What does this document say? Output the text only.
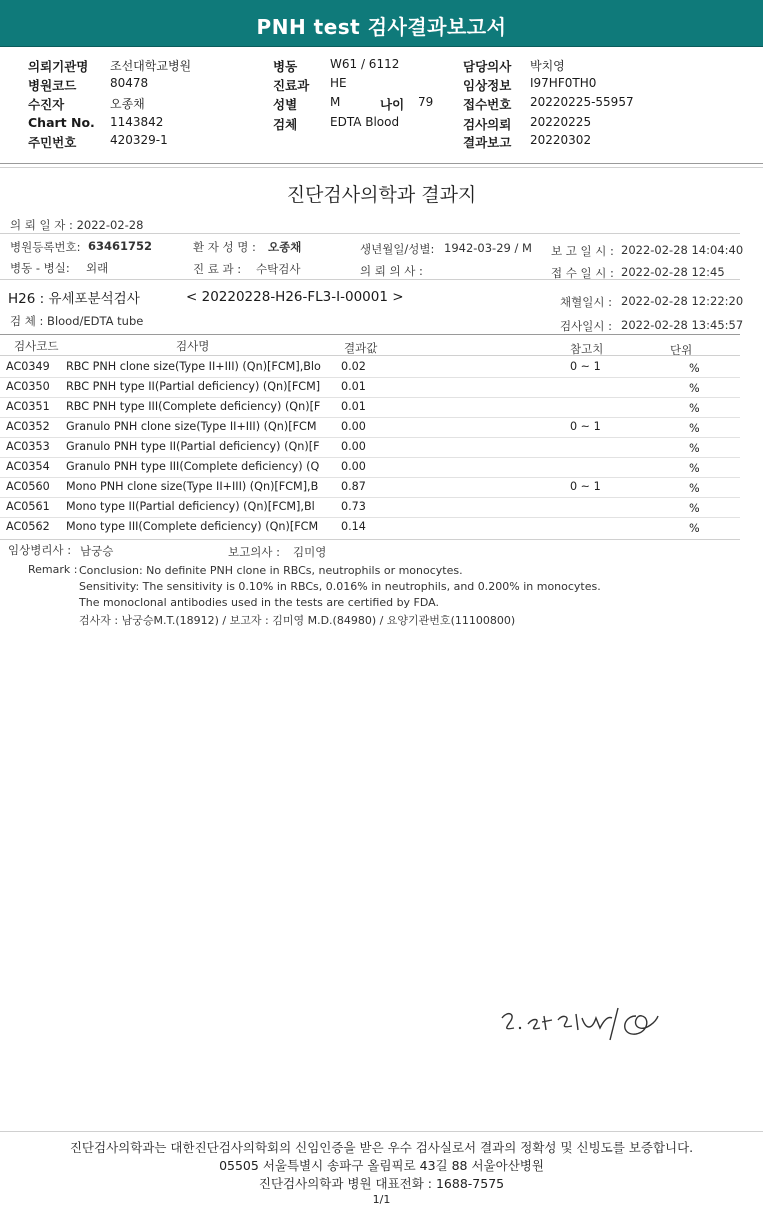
PNH test 검사결과보고서
의뢰기관명 조선대학교병원
병원코드	80478
수진자	오종채
Chart No. 1143842
주민번호	420329-1
병동	W61 / 6112
진료과 HE
성별	M	나이 79
검체	EDTA Blood
담당의사 박치영
임상정보 I97HF0TH0
접수번호 20220225-55957
검사의뢰 20220225
결과보고 20220302
진단검사의학과 결과지
의 뢰 일 자 : 2022-02-28
병원등록번호: 63461752	환 자 성 명 : 오종채	생년월일/성별: 1942-03-29 / M 보 고 일 시 : 2022-02-28 14:04:40
병동 - 병실: 외래	진 료 과 : 수탁검사	의 뢰 의 사 :	접 수 일 시 : 2022-02-28 12:45
H26 : 유세포분석검사	< 20220228-H26-FL3-I-00001 >	채혈일시 : 2022-02-28 12:22:20
검 체 : Blood/EDTA tube	검사일시 : 2022-02-28 13:45:57
검사코드	검사명	결과값	참고치	단위
AC0349	RBC PNH clone size(Type II+III) (Qn)[FCM],Blo	0.02	0 ~ 1	%
AC0350	RBC PNH type II(Partial deficiency) (Qn)[FCM]	0.01	%
AC0351	RBC PNH type III(Complete deficiency) (Qn)[F	0.01	%
AC0352	Granulo PNH clone size(Type II+III) (Qn)[FCM	0.00	0 ~ 1	%
AC0353	Granulo PNH type II(Partial deficiency) (Qn)[F	0.00	%
AC0354	Granulo PNH type III(Complete deficiency) (Q	0.00	%
AC0560	Mono PNH clone size(Type II+III) (Qn)[FCM],B	0.87	0 ~ 1	%
AC0561	Mono type II(Partial deficiency) (Qn)[FCM],Bl	0.73	%
AC0562	Mono type III(Complete deficiency) (Qn)[FCM	0.14	%
임상병리사 : 남궁승	보고의사 : 김미영
Remark : Conclusion: No definite PNH clone in RBCs, neutrophils or monocytes.
Sensitivity: The sensitivity is 0.10% in RBCs, 0.016% in neutrophils, and 0.200% in monocytes.
The monoclonal antibodies used in the tests are certified by FDA.
검사자 : 남궁승M.T.(18912) / 보고자 : 김미영 M.D.(84980) / 요양기관번호(11100800)
진단검사의학과는 대한진단검사의학회의 신임인증을 받은 우수 검사실로서 결과의 정확성 및 신빙도를 보증합니다.
05505 서울특별시 송파구 올림픽로 43길 88 서울아산병원
진단검사의학과 병원 대표전화 : 1688-7575
1/1
